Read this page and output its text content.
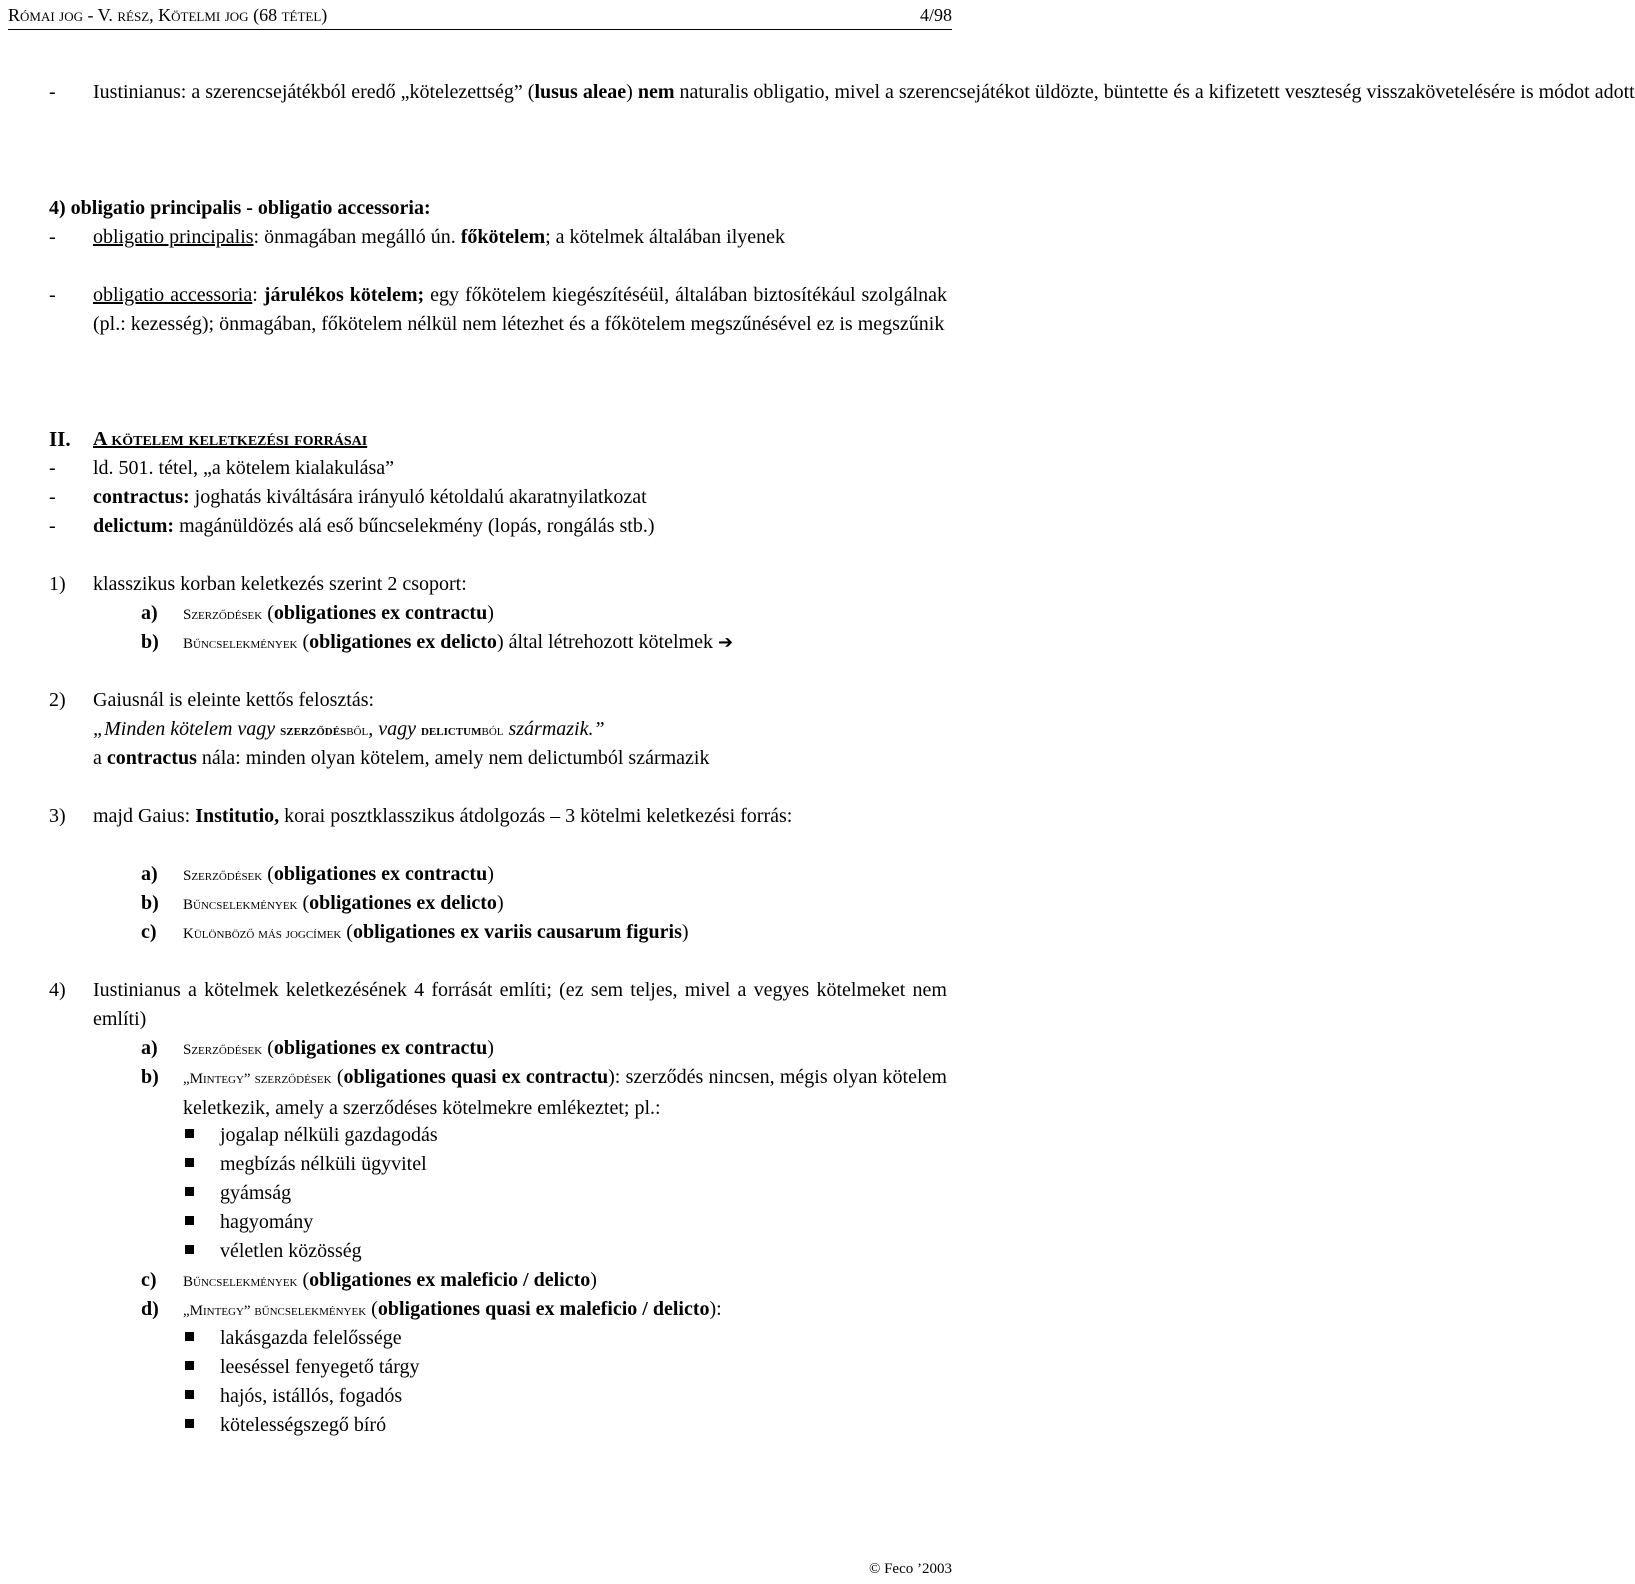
Római jog - V. rész, Kötelmi jog (68 tétel)	4/98
- Iustinianus: a szerencsejátékból eredő „kötelezettség” (lusus aleae) nem naturalis obligatio, mivel a szerencsejátékot üldözte, büntette és a kifizetett veszteség visszakövetelésére is módot adott
4) obligatio principalis - obligatio accessoria:
- obligatio principalis: önmagában megálló ún. főkötelem; a kötelmek általában ilyenek
- obligatio accessoria: járulékos kötelem; egy főkötelem kiegészítéséül, általában biztosítékául szolgálnak (pl.: kezesség); önmagában, főkötelem nélkül nem létezhet és a főkötelem megszűnésével ez is megszűnik
II. A kötelem keletkezési forrásai
- ld. 501. tétel, „a kötelem kialakulása”
- contractus: joghatás kiváltására irányuló kétoldalú akaratnyilatkozat
- delictum: magánüldözés alá eső bűncselekmény (lopás, rongálás stb.)
1) klasszikus korban keletkezés szerint 2 csoport:
a) Szerződések (obligationes ex contractu)
b) Bűncselekmények (obligationes ex delicto) által létrehozott kötelmek ➔
2) Gaiusnál is eleinte kettős felosztás:
„Minden kötelem vagy szerződésből, vagy delictumból származik.”
a contractus nála: minden olyan kötelem, amely nem delictumból származik
3) majd Gaius: Institutio, korai posztklasszikus átdolgozás – 3 kötelmi keletkezési forrás:
a) Szerződések (obligationes ex contractu)
b) Bűncselekmények (obligationes ex delicto)
c) Különböző más jogcímek (obligationes ex variis causarum figuris)
4) Iustinianus a kötelmek keletkezésének 4 forrását említi; (ez sem teljes, mivel a vegyes kötelmeket nem említi)
a) Szerződések (obligationes ex contractu)
b)	„Mintegy” szerződések (obligationes quasi ex contractu): szerződés nincsen, mégis olyan kötelem keletkezik, amely a szerződéses kötelmekre emlékeztet; pl.:
jogalap nélküli gazdagodás
megbízás nélküli ügyvitel
gyámság
hagyomány
véletlen közösség
c) Bűncselekmények (obligationes ex maleficio / delicto)
d) „Mintegy” bűncselekmények (obligationes quasi ex maleficio / delicto):
lakásgazda felelőssége
leeséssel fenyegető tárgy
hajós, istállós, fogadós
kötelességszegő bíró
© Feco ’2003
